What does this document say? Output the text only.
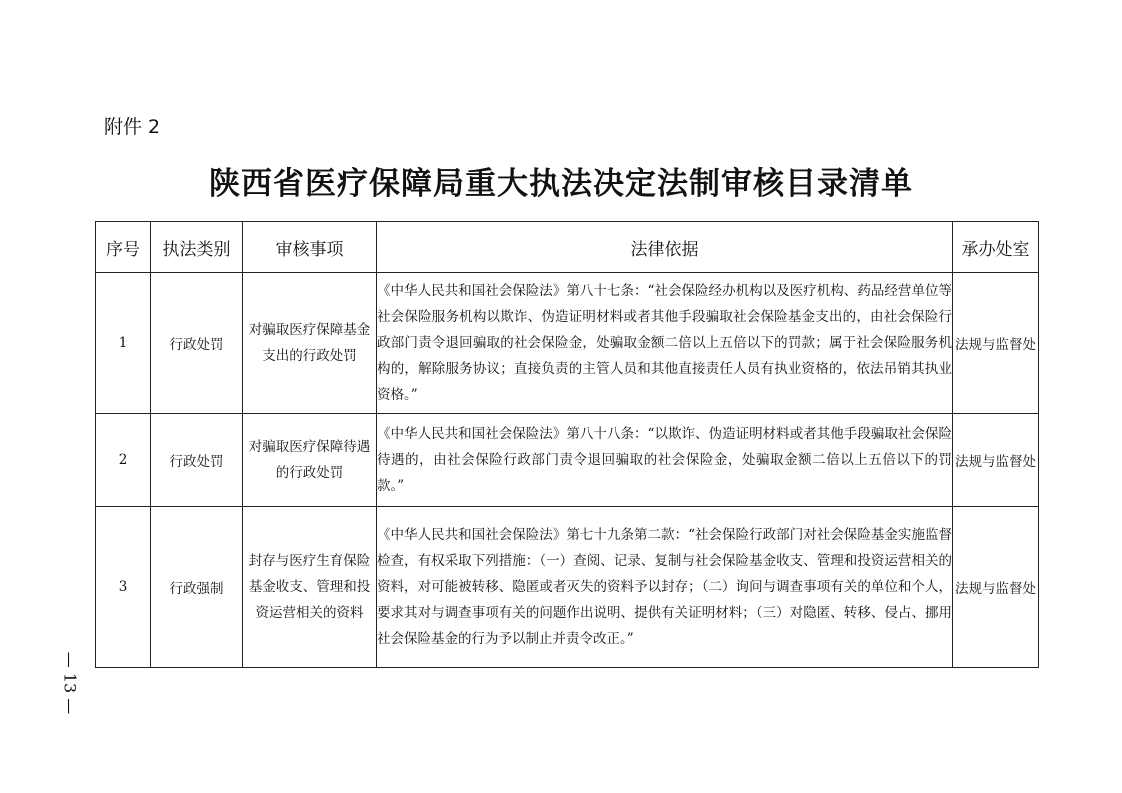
附件 2
陕西省医疗保障局重大执法决定法制审核目录清单
序号	执法类别	审核事项	法律依据	承办处室
1	行政处罚	对骗取医疗保障基金支出的行政处罚	《中华人民共和国社会保险法》第八十七条：“社会保险经办机构以及医疗机构、药品经营单位等社会保险服务机构以欺诈、伪造证明材料或者其他手段骗取社会保险基金支出的，由社会保险行政部门责令退回骗取的社会保险金，处骗取金额二倍以上五倍以下的罚款；属于社会保险服务机构的，解除服务协议；直接负责的主管人员和其他直接责任人员有执业资格的，依法吊销其执业资格。”	法规与监督处
2	行政处罚	对骗取医疗保障待遇的行政处罚	《中华人民共和国社会保险法》第八十八条：“以欺诈、伪造证明材料或者其他手段骗取社会保险待遇的，由社会保险行政部门责令退回骗取的社会保险金，处骗取金额二倍以上五倍以下的罚款。”	法规与监督处
3	行政强制	封存与医疗生育保险基金收支、管理和投资运营相关的资料	《中华人民共和国社会保险法》第七十九条第二款：“社会保险行政部门对社会保险基金实施监督检查，有权采取下列措施：（一）查阅、记录、复制与社会保险基金收支、管理和投资运营相关的资料，对可能被转移、隐匿或者灭失的资料予以封存；（二）询问与调查事项有关的单位和个人，要求其对与调查事项有关的问题作出说明、提供有关证明材料；（三）对隐匿、转移、侵占、挪用社会保险基金的行为予以制止并责令改正。”	法规与监督处
— 13 —
